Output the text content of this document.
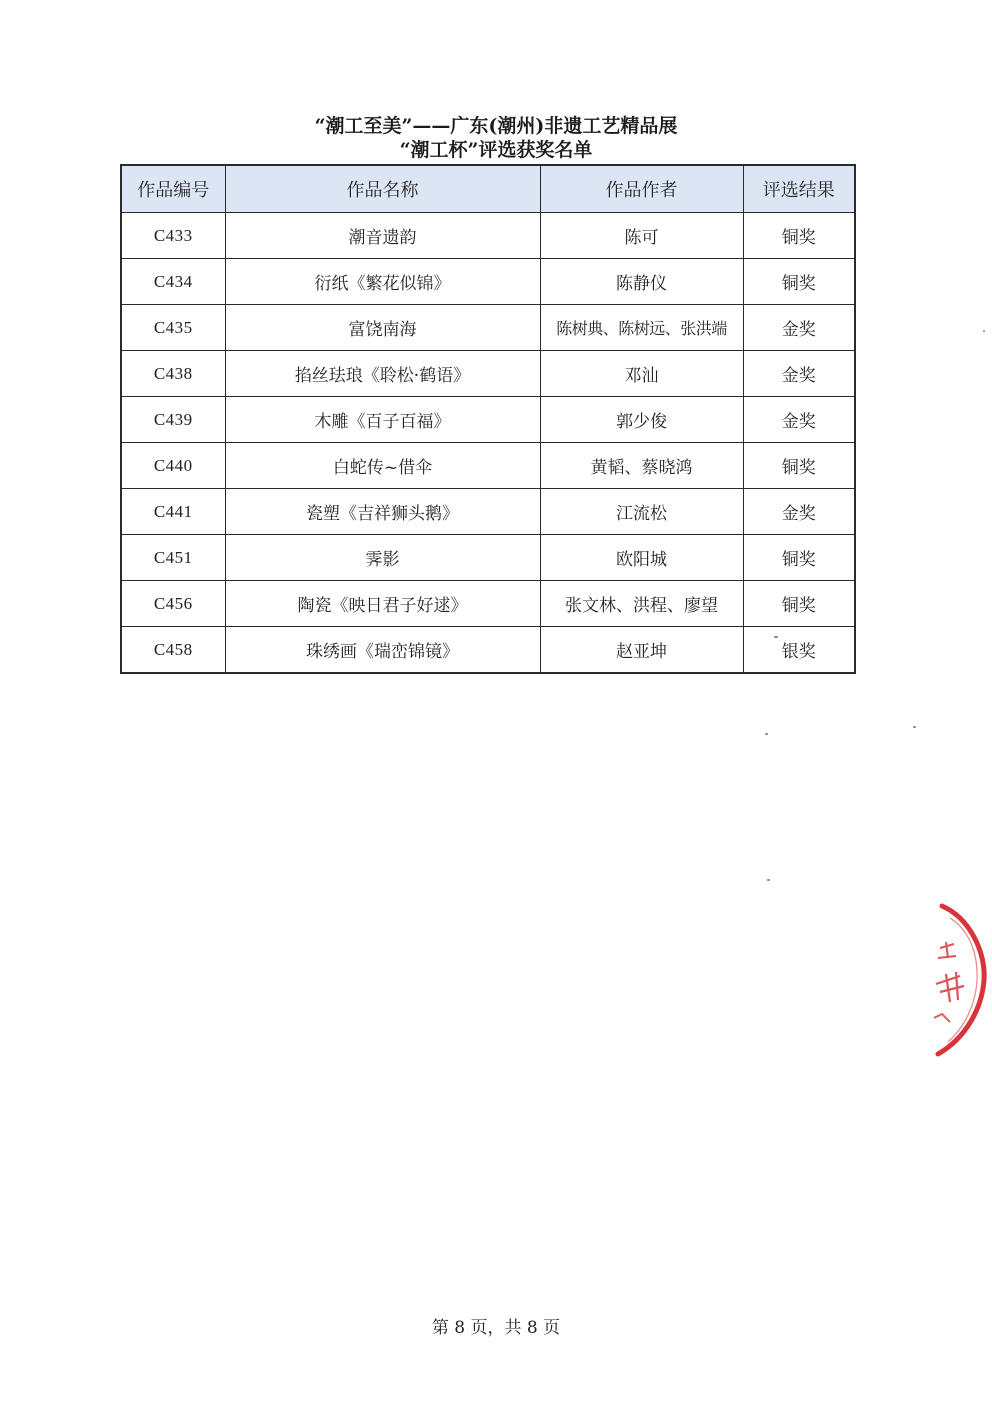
“潮工至美”——广东(潮州)非遗工艺精品展
“潮工杯”评选获奖名单
作品编号	作品名称	作品作者	评选结果
C433	潮音遗韵	陈可	铜奖
C434	衍纸《繁花似锦》	陈静仪	铜奖
C435	富饶南海	陈树典、陈树远、张洪端	金奖
C438	掐丝珐琅《聆松·鹤语》	邓汕	金奖
C439	木雕《百子百福》	郭少俊	金奖
C440	白蛇传~借伞	黄韬、蔡晓鸿	铜奖
C441	瓷塑《吉祥狮头鹅》	江流松	金奖
C451	霁影	欧阳城	铜奖
C456	陶瓷《映日君子好逑》	张文林、洪程、廖望	铜奖
C458	珠绣画《瑞峦锦镜》	赵亚坤	银奖
第 8 页，共 8 页
